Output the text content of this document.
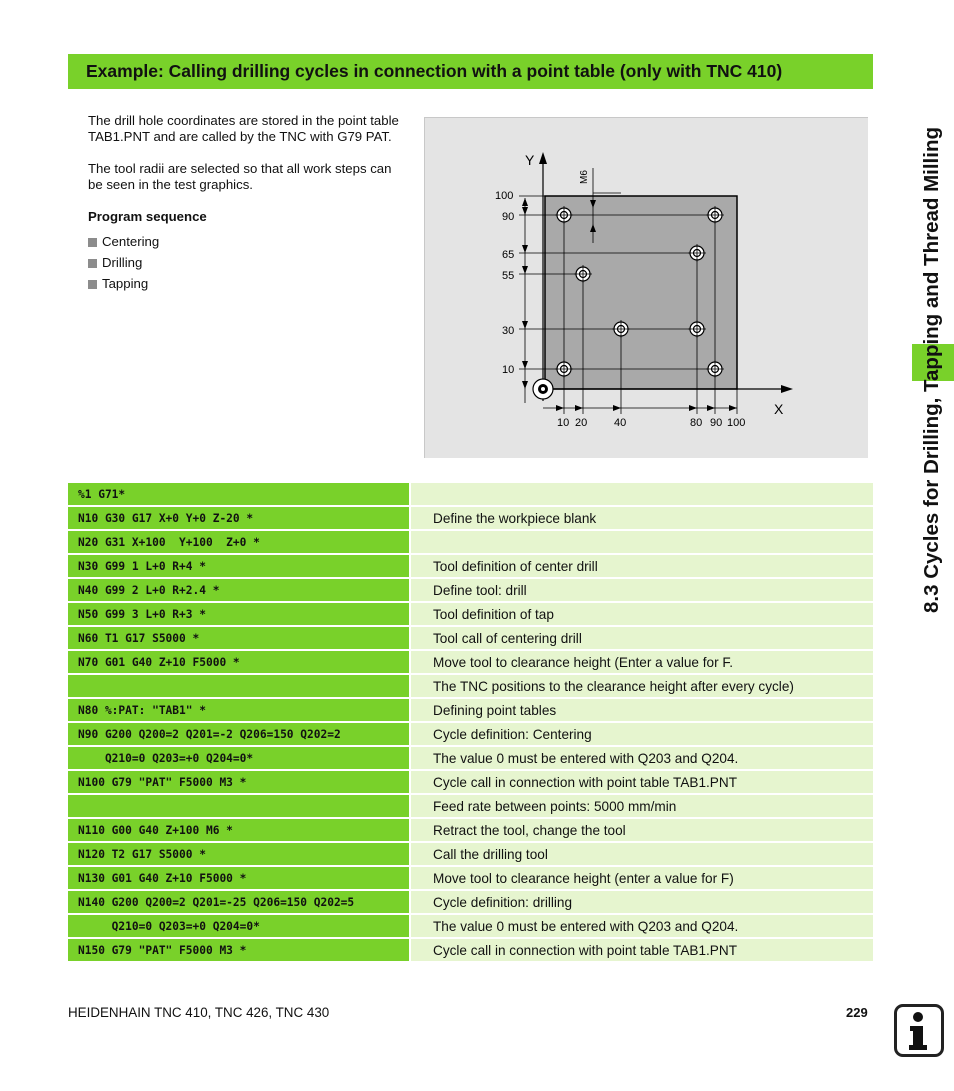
Example: Calling drilling cycles in connection with a point table (only with TNC 410)

The drill hole coordinates are stored in the point table TAB1.PNT and are called by the TNC with G79 PAT.

The tool radii are selected so that all work steps can be seen in the test graphics.

Program sequence
Centering
Drilling
Tapping
Y
X
100
90
65
55
30
10
10 20 40	80 90 100
M6	8.3 Cycles for Drilling, Tapping and Thread Milling
%1 G71*
N10 G30 G17 X+0 Y+0 Z-20 *	Define the workpiece blank
N20 G31 X+100  Y+100  Z+0 *
N30 G99 1 L+0 R+4 *	Tool definition of center drill
N40 G99 2 L+0 R+2.4 *	Define tool: drill
N50 G99 3 L+0 R+3 *	Tool definition of tap
N60 T1 G17 S5000 *	Tool call of centering drill
N70 G01 G40 Z+10 F5000 *	Move tool to clearance height (Enter a value for F.
The TNC positions to the clearance height after every cycle)
N80 %:PAT: "TAB1" *	Defining point tables
N90 G200 Q200=2 Q201=-2 Q206=150 Q202=2	Cycle definition: Centering
Q210=0 Q203=+0 Q204=0*	The value 0 must be entered with Q203 and Q204.
N100 G79 "PAT" F5000 M3 *	Cycle call in connection with point table TAB1.PNT
Feed rate between points: 5000 mm/min
N110 G00 G40 Z+100 M6 *	Retract the tool, change the tool
N120 T2 G17 S5000 *	Call the drilling tool
N130 G01 G40 Z+10 F5000 *	Move tool to clearance height (enter a value for F)
N140 G200 Q200=2 Q201=-25 Q206=150 Q202=5	Cycle definition: drilling
Q210=0 Q203=+0 Q204=0*	The value 0 must be entered with Q203 and Q204.
N150 G79 "PAT" F5000 M3 *	Cycle call in connection with point table TAB1.PNT
HEIDENHAIN TNC 410, TNC 426, TNC 430	229
